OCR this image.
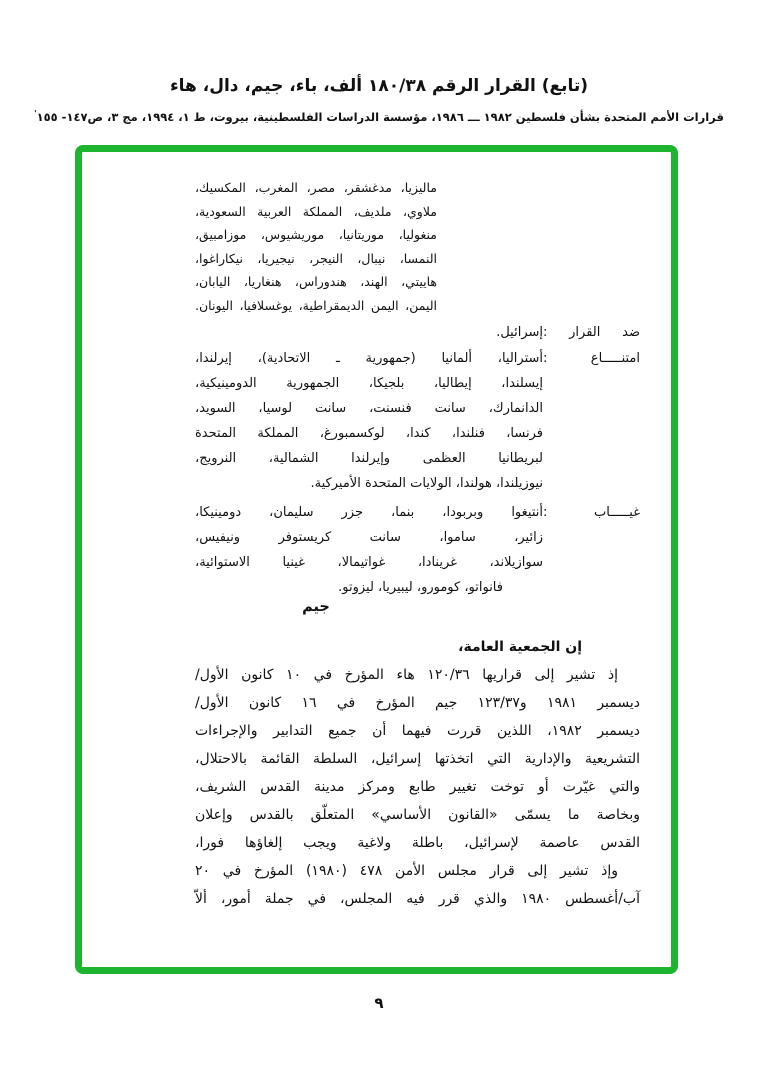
(تابع) القرار الرقم ١٨٠/٣٨ ألف، باء، جيم، دال، هاء
قرارات الأمم المتحدة بشأن فلسطين ١٩٨٢ ـــ ١٩٨٦، مؤسسة الدراسات الفلسطينية، بيروت، ط ١، ١٩٩٤، مج ٣، ص١٤٧- ١٥٥'
ماليزيا، مدغشقر، مصر، المغرب، المكسيك،
ملاوي، ملديف، المملكة العربية السعودية،
منغوليا، موريتانيا، موريشيوس، موزامبيق،
النمسا، نيبال، النيجر، نيجيريا، نيكاراغوا،
هاييتي، الهند، هندوراس، هنغاريا، اليابان،
اليمن، اليمن الديمقراطية، يوغسلافيا، اليونان.
ضد القرار :
إسرائيل.
امتنـــــاع :
أستراليا، ألمانيا (جمهورية ـ الاتحادية)، إيرلندا،
إيسلندا، إيطاليا، بلجيكا، الجمهورية الدومينيكية،
الدانمارك، سانت فنسنت، سانت لوسيا، السويد،
فرنسا، فنلندا، كندا، لوكسمبورغ، المملكة المتحدة
لبريطانيا العظمى وإيرلندا الشمالية، النرويج،
نيوزيلندا، هولندا، الولايات المتحدة الأميركية.
غيـــــاب :
أنتيغوا وبربودا، بنما، جزر سليمان، دومينيكا،
زائير، ساموا، سانت كريستوفر ونيفيس،
سوازيلاند، غرينادا، غواتيمالا، غينيا الاستوائية،
فانواتو، كومورو، ليبيريا، ليزوتو.
جيم
إن الجمعية العامة،
إذ تشير إلى قراريها ١٢٠/٣٦ هاء المؤرخ في ١٠ كانون الأول/
ديسمبر ١٩٨١ و١٢٣/٣٧ جيم المؤرخ في ١٦ كانون الأول/
ديسمبر ١٩٨٢، اللذين قررت فيهما أن جميع التدابير والإجراءات
التشريعية والإدارية التي اتخذتها إسرائيل، السلطة القائمة بالاحتلال،
والتي غيّرت أو توخت تغيير طابع ومركز مدينة القدس الشريف،
وبخاصة ما يسمّى «القانون الأساسي» المتعلّق بالقدس وإعلان
القدس عاصمة لإسرائيل، باطلة ولاغية ويجب إلغاؤها فورا،
وإذ تشير إلى قرار مجلس الأمن ٤٧٨ (١٩٨٠) المؤرخ في ٢٠
آب/أغسطس ١٩٨٠ والذي قرر فيه المجلس، في جملة أمور، ألاّ
٩
